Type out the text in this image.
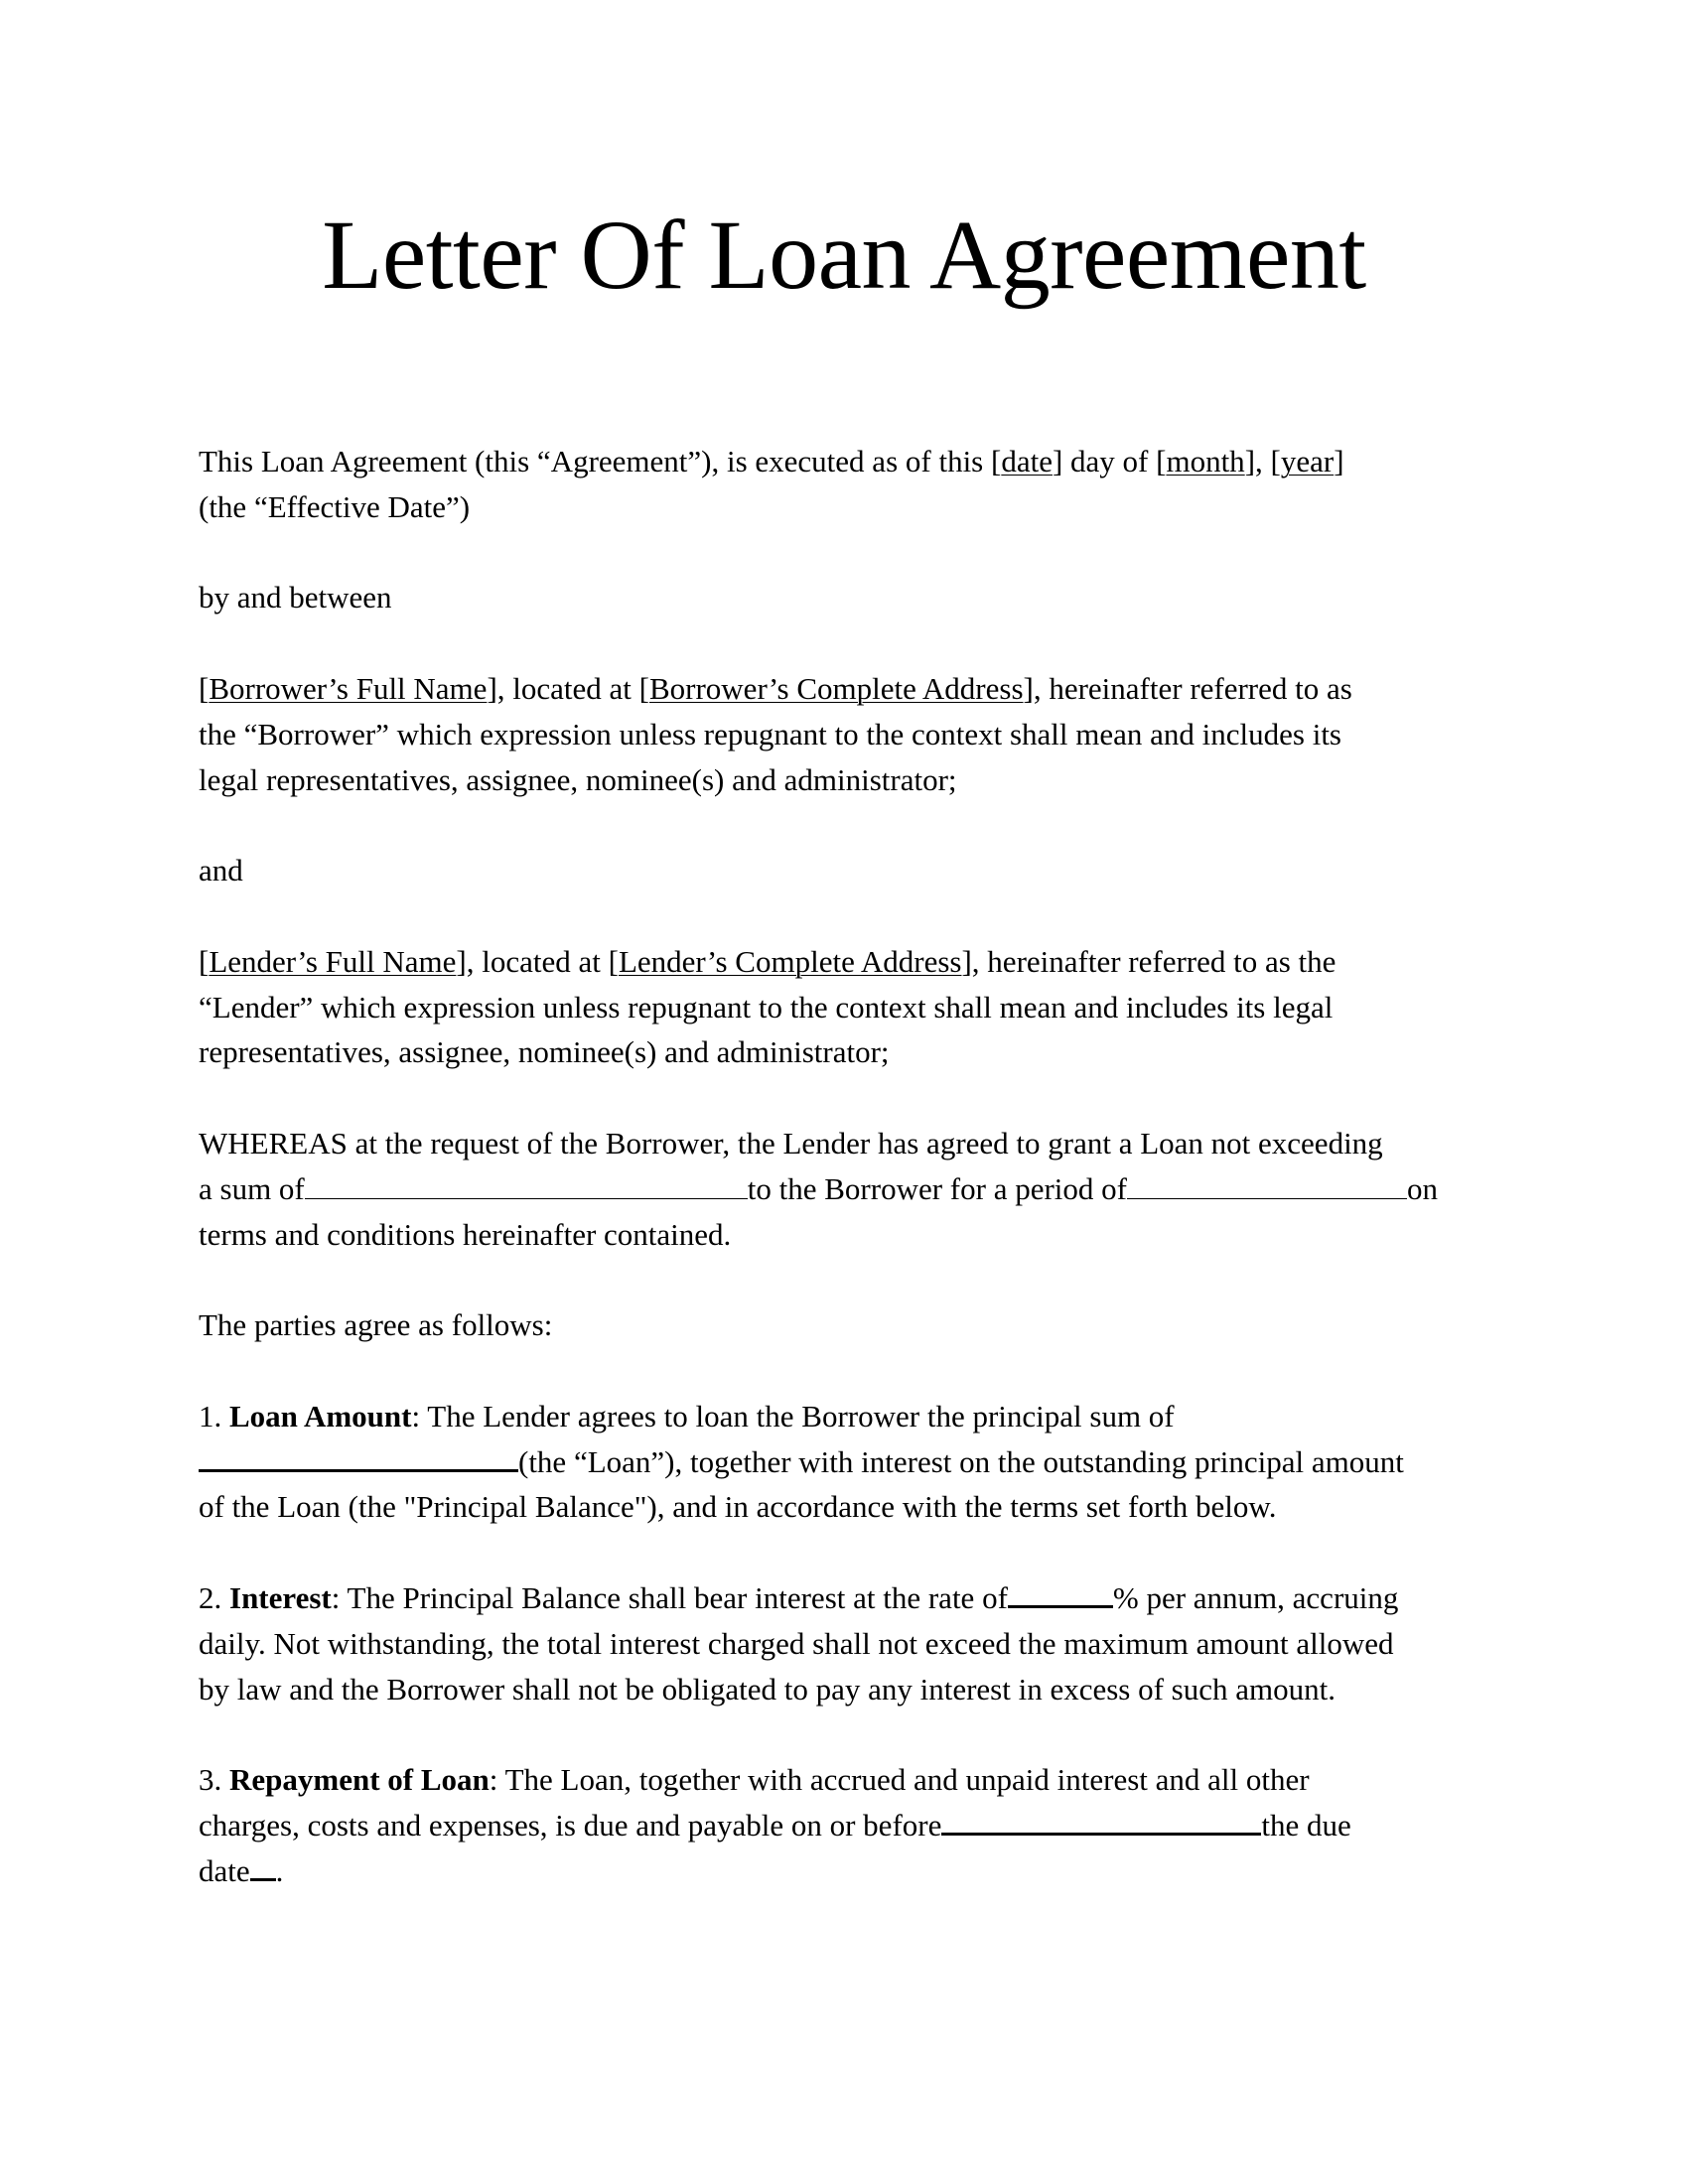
Letter Of Loan Agreement

This Loan Agreement (this “Agreement”), is executed as of this [date] day of [month], [year]
(the “Effective Date”)

by and between

[Borrower’s Full Name], located at [Borrower’s Complete Address], hereinafter referred to as
the “Borrower” which expression unless repugnant to the context shall mean and includes its
legal representatives, assignee, nominee(s) and administrator;

and

[Lender’s Full Name], located at [Lender’s Complete Address], hereinafter referred to as the
“Lender” which expression unless repugnant to the context shall mean and includes its legal
representatives, assignee, nominee(s) and administrator;

WHEREAS at the request of the Borrower, the Lender has agreed to grant a Loan not exceeding
a sum of	to the Borrower for a period of	on
terms and conditions hereinafter contained.

The parties agree as follows:

1. Loan Amount: The Lender agrees to loan the Borrower the principal sum of
(the “Loan”), together with interest on the outstanding principal amount
of the Loan (the "Principal Balance"), and in accordance with the terms set forth below.

2. Interest: The Principal Balance shall bear interest at the rate of	% per annum, accruing
daily. Not withstanding, the total interest charged shall not exceed the maximum amount allowed
by law and the Borrower shall not be obligated to pay any interest in excess of such amount.

3. Repayment of Loan: The Loan, together with accrued and unpaid interest and all other
charges, costs and expenses, is due and payable on or before	the due
date .
